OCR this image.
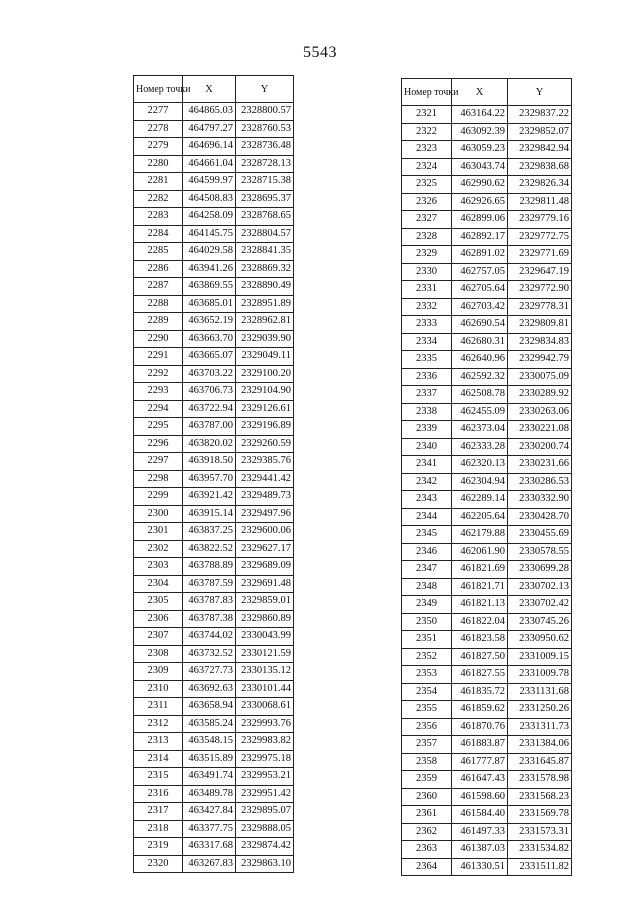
5543
Номер точки	X	Y
2277	464865.03	2328800.57
2278	464797.27	2328760.53
2279	464696.14	2328736.48
2280	464661.04	2328728.13
2281	464599.97	2328715.38
2282	464508.83	2328695.37
2283	464258.09	2328768.65
2284	464145.75	2328804.57
2285	464029.58	2328841.35
2286	463941.26	2328869.32
2287	463869.55	2328890.49
2288	463685.01	2328951.89
2289	463652.19	2328962.81
2290	463663.70	2329039.90
2291	463665.07	2329049.11
2292	463703.22	2329100.20
2293	463706.73	2329104.90
2294	463722.94	2329126.61
2295	463787.00	2329196.89
2296	463820.02	2329260.59
2297	463918.50	2329385.76
2298	463957.70	2329441.42
2299	463921.42	2329489.73
2300	463915.14	2329497.96
2301	463837.25	2329600.06
2302	463822.52	2329627.17
2303	463788.89	2329689.09
2304	463787.59	2329691.48
2305	463787.83	2329859.01
2306	463787.38	2329860.89
2307	463744.02	2330043.99
2308	463732.52	2330121.59
2309	463727.73	2330135.12
2310	463692.63	2330101.44
2311	463658.94	2330068.61
2312	463585.24	2329993.76
2313	463548.15	2329983.82
2314	463515.89	2329975.18
2315	463491.74	2329953.21
2316	463489.78	2329951.42
2317	463427.84	2329895.07
2318	463377.75	2329888.05
2319	463317.68	2329874.42
2320	463267.83	2329863.10
Номер точки	X	Y
2321	463164.22	2329837.22
2322	463092.39	2329852.07
2323	463059.23	2329842.94
2324	463043.74	2329838.68
2325	462990.62	2329826.34
2326	462926.65	2329811.48
2327	462899.06	2329779.16
2328	462892.17	2329772.75
2329	462891.02	2329771.69
2330	462757.05	2329647.19
2331	462705.64	2329772.90
2332	462703.42	2329778.31
2333	462690.54	2329809.81
2334	462680.31	2329834.83
2335	462640.96	2329942.79
2336	462592.32	2330075.09
2337	462508.78	2330289.92
2338	462455.09	2330263.06
2339	462373.04	2330221.08
2340	462333.28	2330200.74
2341	462320.13	2330231.66
2342	462304.94	2330286.53
2343	462289.14	2330332.90
2344	462205.64	2330428.70
2345	462179.88	2330455.69
2346	462061.90	2330578.55
2347	461821.69	2330699.28
2348	461821.71	2330702.13
2349	461821.13	2330702.42
2350	461822.04	2330745.26
2351	461823.58	2330950.62
2352	461827.50	2331009.15
2353	461827.55	2331009.78
2354	461835.72	2331131.68
2355	461859.62	2331250.26
2356	461870.76	2331311.73
2357	461883.87	2331384.06
2358	461777.87	2331645.87
2359	461647.43	2331578.98
2360	461598.60	2331568.23
2361	461584.40	2331569.78
2362	461497.33	2331573.31
2363	461387.03	2331534.82
2364	461330.51	2331511.82
